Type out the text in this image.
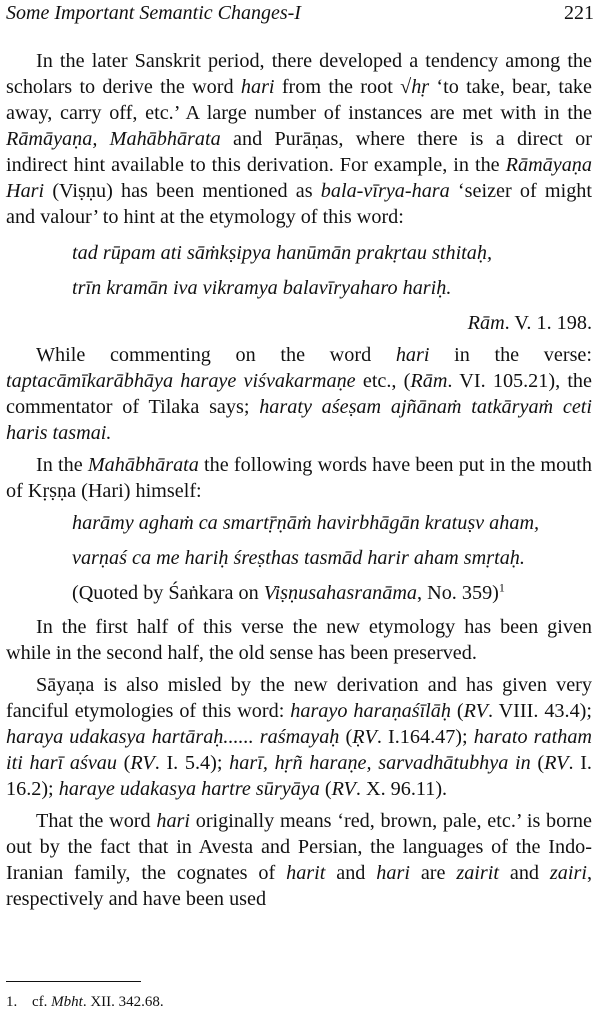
Some Important Semantic Changes-I	221

In the later Sanskrit period, there developed a tendency among the scholars to derive the word hari from the root √hṛ ‘to take, bear, take away, carry off, etc.’ A large number of instances are met with in the Rāmāyaṇa, Mahābhārata and Purāṇas, where there is a direct or indirect hint available to this derivation. For example, in the Rāmāyaṇa Hari (Viṣṇu) has been mentioned as bala-vīrya-hara ‘seizer of might and valour’ to hint at the etymology of this word:

tad rūpam ati sāṁkṣipya hanūmān prakṛtau sthitaḥ,
trīn kramān iva vikramya balavīryaharo hariḥ.

Rām. V. 1. 198.

While commenting on the word hari in the verse: taptacāmīkarābhāya haraye viśvakarmaṇe etc., (Rām. VI. 105.21), the commentator of Tilaka says; haraty aśeṣam ajñānaṁ tatkāryaṁ ceti haris tasmai.

In the Mahābhārata the following words have been put in the mouth of Kṛṣṇa (Hari) himself:

harāmy aghaṁ ca smartṝṇāṁ havirbhāgān kratuṣv aham,
varṇaś ca me hariḥ śreṣthas tasmād harir aham smṛtaḥ.

(Quoted by Śaṅkara on Viṣṇusahasranāma, No. 359)$^1$

In the first half of this verse the new etymology has been given while in the second half, the old sense has been preserved.

Sāyaṇa is also misled by the new derivation and has given very fanciful etymologies of this word: harayo haraṇaśīlāḥ (RV. VIII. 43.4); haraya udakasya hartāraḥ...... raśmayaḥ (ṚV. I.164.47); harato ratham iti harī aśvau (RV. I. 5.4); harī, hṛñ haraṇe, sarvadhātubhya in (RV. I. 16.2); haraye udakasya hartre sūryāya (RV. X. 96.11).

That the word hari originally means ‘red, brown, pale, etc.’ is borne out by the fact that in Avesta and Persian, the languages of the Indo-Iranian family, the cognates of harit and hari are zairit and zairi, respectively and have been used

1. cf. Mbht. XII. 342.68.
